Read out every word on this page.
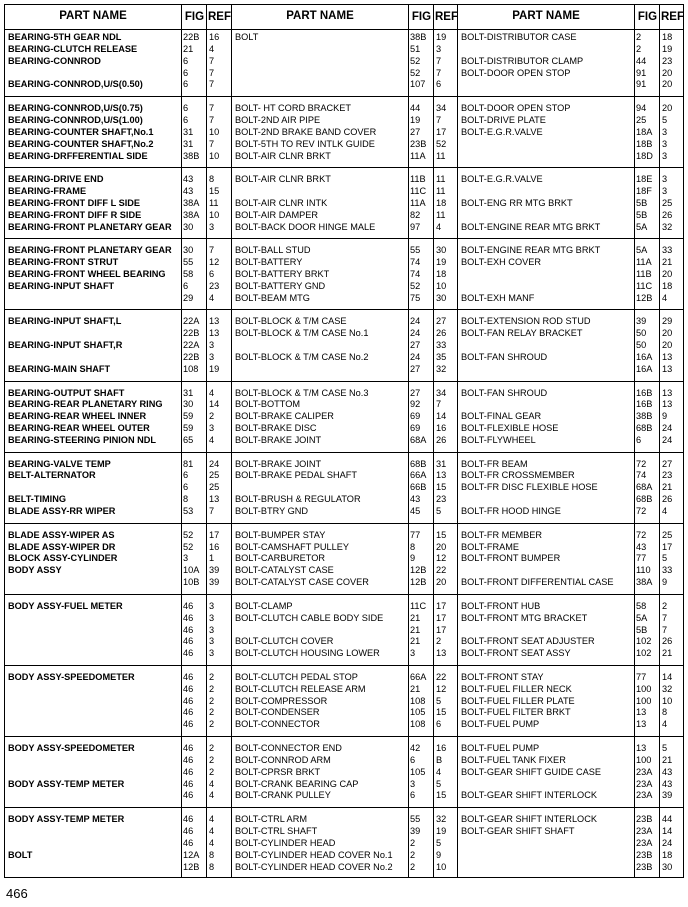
PART NAME	FIG REF
BEARING-5TH GEAR NDL	22B	16
BEARING-CLUTCH RELEASE	21	4
BEARING-CONNROD	6	7
6	7
BEARING-CONNROD,U/S(0.50)	6	7
BEARING-CONNROD,U/S(0.75)	6	7
BEARING-CONNROD,U/S(1.00)	6	7
BEARING-COUNTER SHAFT,No.1	31	10
BEARING-COUNTER SHAFT,No.2	31	7
BEARING-DRFFERENTIAL SIDE	38B	10
BEARING-DRIVE END	43	8
BEARING-FRAME	43	15
BEARING-FRONT DIFF L SIDE	38A	11
BEARING-FRONT DIFF R SIDE	38A	10
BEARING-FRONT PLANETARY GEAR	30	3
BEARING-FRONT PLANETARY GEAR	30	7
BEARING-FRONT STRUT	55	12
BEARING-FRONT WHEEL BEARING	58	6
BEARING-INPUT SHAFT	6	23
29	4
BEARING-INPUT SHAFT,L	22A	13
22B	13
BEARING-INPUT SHAFT,R	22A	3
22B	3
BEARING-MAIN SHAFT	108	19
BEARING-OUTPUT SHAFT	31	4
BEARING-REAR PLANETARY RING	30	14
BEARING-REAR WHEEL INNER	59	2
BEARING-REAR WHEEL OUTER	59	3
BEARING-STEERING PINION NDL	65	4
BEARING-VALVE TEMP	81	24
BELT-ALTERNATOR	6	25
6	25
BELT-TIMING	8	13
BLADE ASSY-RR WIPER	53	7
BLADE ASSY-WIPER AS	52	17
BLADE ASSY-WIPER DR	52	16
BLOCK ASSY-CYLINDER	3	1
BODY ASSY	10A	39
10B	39
BODY ASSY-FUEL METER	46	3
46	3
46	3
46	3
46	3
BODY ASSY-SPEEDOMETER	46	2
46	2
46	2
46	2
46	2
BODY ASSY-SPEEDOMETER	46	2
46	2
46	2
BODY ASSY-TEMP METER	46	4
46	4
BODY ASSY-TEMP METER	46	4
46	4
46	4
BOLT	12A	8
12B	8
PART NAME	FIG REF
BOLT	38B	19
51	3
52	7
52	7
107	6
BOLT- HT CORD BRACKET	44	34
BOLT-2ND AIR PIPE	19	7
BOLT-2ND BRAKE BAND COVER	27	17
BOLT-5TH TO REV INTLK GUIDE	23B	52
BOLT-AIR CLNR BRKT	11A	11
BOLT-AIR CLNR BRKT	11B	11
11C	11
BOLT-AIR CLNR INTK	11A	18
BOLT-AIR DAMPER	82	11
BOLT-BACK DOOR HINGE MALE	97	4
BOLT-BALL STUD	55	30
BOLT-BATTERY	74	19
BOLT-BATTERY BRKT	74	18
BOLT-BATTERY GND	52	10
BOLT-BEAM MTG	75	30
BOLT-BLOCK & T/M CASE	24	27
BOLT-BLOCK & T/M CASE No.1	24	26
27	33
BOLT-BLOCK & T/M CASE No.2	24	35
27	32
BOLT-BLOCK & T/M CASE No.3	27	34
BOLT-BOTTOM	92	7
BOLT-BRAKE CALIPER	69	14
BOLT-BRAKE DISC	69	16
BOLT-BRAKE JOINT	68A	26
BOLT-BRAKE JOINT	68B	31
BOLT-BRAKE PEDAL SHAFT	66A	13
66B	15
BOLT-BRUSH & REGULATOR	43	23
BOLT-BTRY GND	45	5
BOLT-BUMPER STAY	77	15
BOLT-CAMSHAFT PULLEY	8	20
BOLT-CARBURETOR	9	12
BOLT-CATALYST CASE	12B	22
BOLT-CATALYST CASE COVER	12B	20
BOLT-CLAMP	11C	17
BOLT-CLUTCH CABLE BODY SIDE	21	17
21	17
BOLT-CLUTCH COVER	21	2
BOLT-CLUTCH HOUSING LOWER	3	13
BOLT-CLUTCH PEDAL STOP	66A	22
BOLT-CLUTCH RELEASE ARM	21	12
BOLT-COMPRESSOR	108	5
BOLT-CONDENSER	105	15
BOLT-CONNECTOR	108	6
BOLT-CONNECTOR END	42	16
BOLT-CONNROD ARM	6	B
BOLT-CPRSR BRKT	105	4
BOLT-CRANK BEARING CAP	3	5
BOLT-CRANK PULLEY	6	15
BOLT-CTRL ARM	55	32
BOLT-CTRL SHAFT	39	19
BOLT-CYLINDER HEAD	2	5
BOLT-CYLINDER HEAD COVER No.1	2	9
BOLT-CYLINDER HEAD COVER No.2	2	10
PART NAME	FIG REF
BOLT-DISTRIBUTOR CASE	2	18
2	19
BOLT-DISTRIBUTOR CLAMP	44	23
BOLT-DOOR OPEN STOP	91	20
91	20
BOLT-DOOR OPEN STOP	94	20
BOLT-DRIVE PLATE	25	5
BOLT-E.G.R.VALVE	18A	3
18B	3
18D 3
BOLT-E.G.R.VALVE	18E	3
18F	3
BOLT-ENG RR MTG BRKT	5B	25
5B	26
BOLT-ENGINE REAR MTG BRKT	5A	32
BOLT-ENGINE REAR MTG BRKT	5A	33
BOLT-EXH COVER	11A	21
11B	20
11C	18
BOLT-EXH MANF	12B	4
BOLT-EXTENSION ROD STUD	39	29
BOLT-FAN RELAY BRACKET	50	20
50	20
BOLT-FAN SHROUD	16A	13
16A	13
BOLT-FAN SHROUD	16B	13
16B	13
BOLT-FINAL GEAR	38B	9
BOLT-FLEXIBLE HOSE	68B	24
BOLT-FLYWHEEL	6	24
BOLT-FR BEAM	72	27
BOLT-FR CROSSMEMBER	74	23
BOLT-FR DISC FLEXIBLE HOSE	68A	21
68B	26
BOLT-FR HOOD HINGE	72	4
BOLT-FR MEMBER	72	25
BOLT-FRAME	43	17
BOLT-FRONT BUMPER	77	5
110	33
BOLT-FRONT DIFFERENTIAL CASE	38A	9
BOLT-FRONT HUB	58	2
BOLT-FRONT MTG BRACKET	5A	7
5B	7
BOLT-FRONT SEAT ADJUSTER	102	26
BOLT-FRONT SEAT ASSY	102	21
BOLT-FRONT STAY	77	14
BOLT-FUEL FILLER NECK	100	32
BOLT-FUEL FILLER PLATE	100	10
BOLT-FUEL FILTER BRKT	13	8
BOLT-FUEL PUMP	13	4
BOLT-FUEL PUMP	13	5
BOLT-FUEL TANK FIXER	100	21
BOLT-GEAR SHIFT GUIDE CASE	23A	43
23A	43
BOLT-GEAR SHIFT INTERLOCK	23A	39
BOLT-GEAR SHIFT INTERLOCK	23B	44
BOLT-GEAR SHIFT SHAFT	23A	14
23A	24
23B	18
23B	30
466
